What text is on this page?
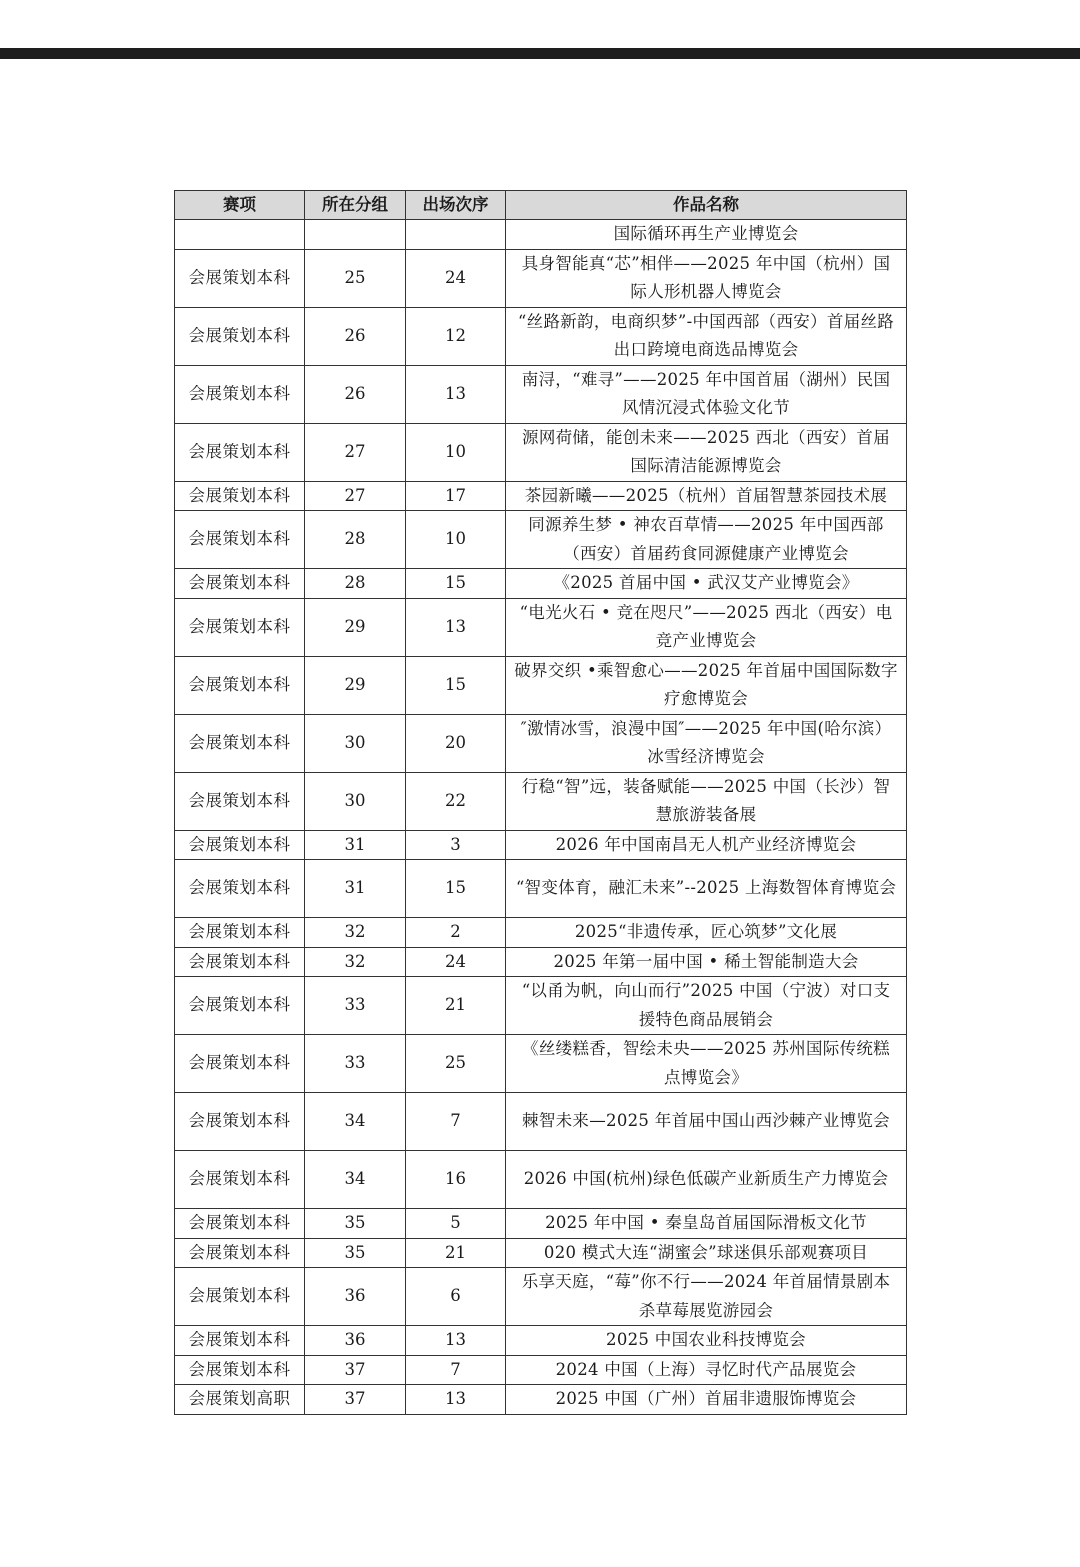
赛项	所在分组	出场次序	作品名称
			国际循环再生产业博览会
会展策划本科	25	24	具身智能真“芯”相伴——2025 年中国（杭州）国际人形机器人博览会
会展策划本科	26	12	“丝路新韵，电商织梦”-中国西部（西安）首届丝路出口跨境电商选品博览会
会展策划本科	26	13	南浔，“难寻”——2025 年中国首届（湖州）民国风情沉浸式体验文化节
会展策划本科	27	10	源网荷储，能创未来——2025 西北（西安）首届国际清洁能源博览会
会展策划本科	27	17	茶园新曦——2025（杭州）首届智慧茶园技术展
会展策划本科	28	10	同源养生梦 • 神农百草情——2025 年中国西部（西安）首届药食同源健康产业博览会
会展策划本科	28	15	《2025 首届中国 • 武汉艾产业博览会》
会展策划本科	29	13	“电光火石 • 竞在咫尺”——2025 西北（西安）电竞产业博览会
会展策划本科	29	15	破界交织 •乘智愈心——2025 年首届中国国际数字疗愈博览会
会展策划本科	30	20	″激情冰雪，浪漫中国″——2025 年中国(哈尔滨）冰雪经济博览会
会展策划本科	30	22	行稳“智”远，装备赋能——2025 中国（长沙）智慧旅游装备展
会展策划本科	31	3	2026 年中国南昌无人机产业经济博览会
会展策划本科	31	15	“智变体育，融汇未来”--2025 上海数智体育博览会
会展策划本科	32	2	2025“非遗传承，匠心筑梦”文化展
会展策划本科	32	24	2025 年第一届中国 • 稀土智能制造大会
会展策划本科	33	21	“以甬为帆，向山而行”2025 中国（宁波）对口支援特色商品展销会
会展策划本科	33	25	《丝缕糕香，智绘未央——2025 苏州国际传统糕点博览会》
会展策划本科	34	7	棘智未来—2025 年首届中国山西沙棘产业博览会
会展策划本科	34	16	2026 中国(杭州)绿色低碳产业新质生产力博览会
会展策划本科	35	5	2025 年中国 • 秦皇岛首届国际滑板文化节
会展策划本科	35	21	020 模式大连“湖蜜会”球迷俱乐部观赛项目
会展策划本科	36	6	乐享天庭，“莓”你不行——2024 年首届情景剧本杀草莓展览游园会
会展策划本科	36	13	2025 中国农业科技博览会
会展策划本科	37	7	2024 中国（上海）寻忆时代产品展览会
会展策划高职	37	13	2025 中国（广州）首届非遗服饰博览会
